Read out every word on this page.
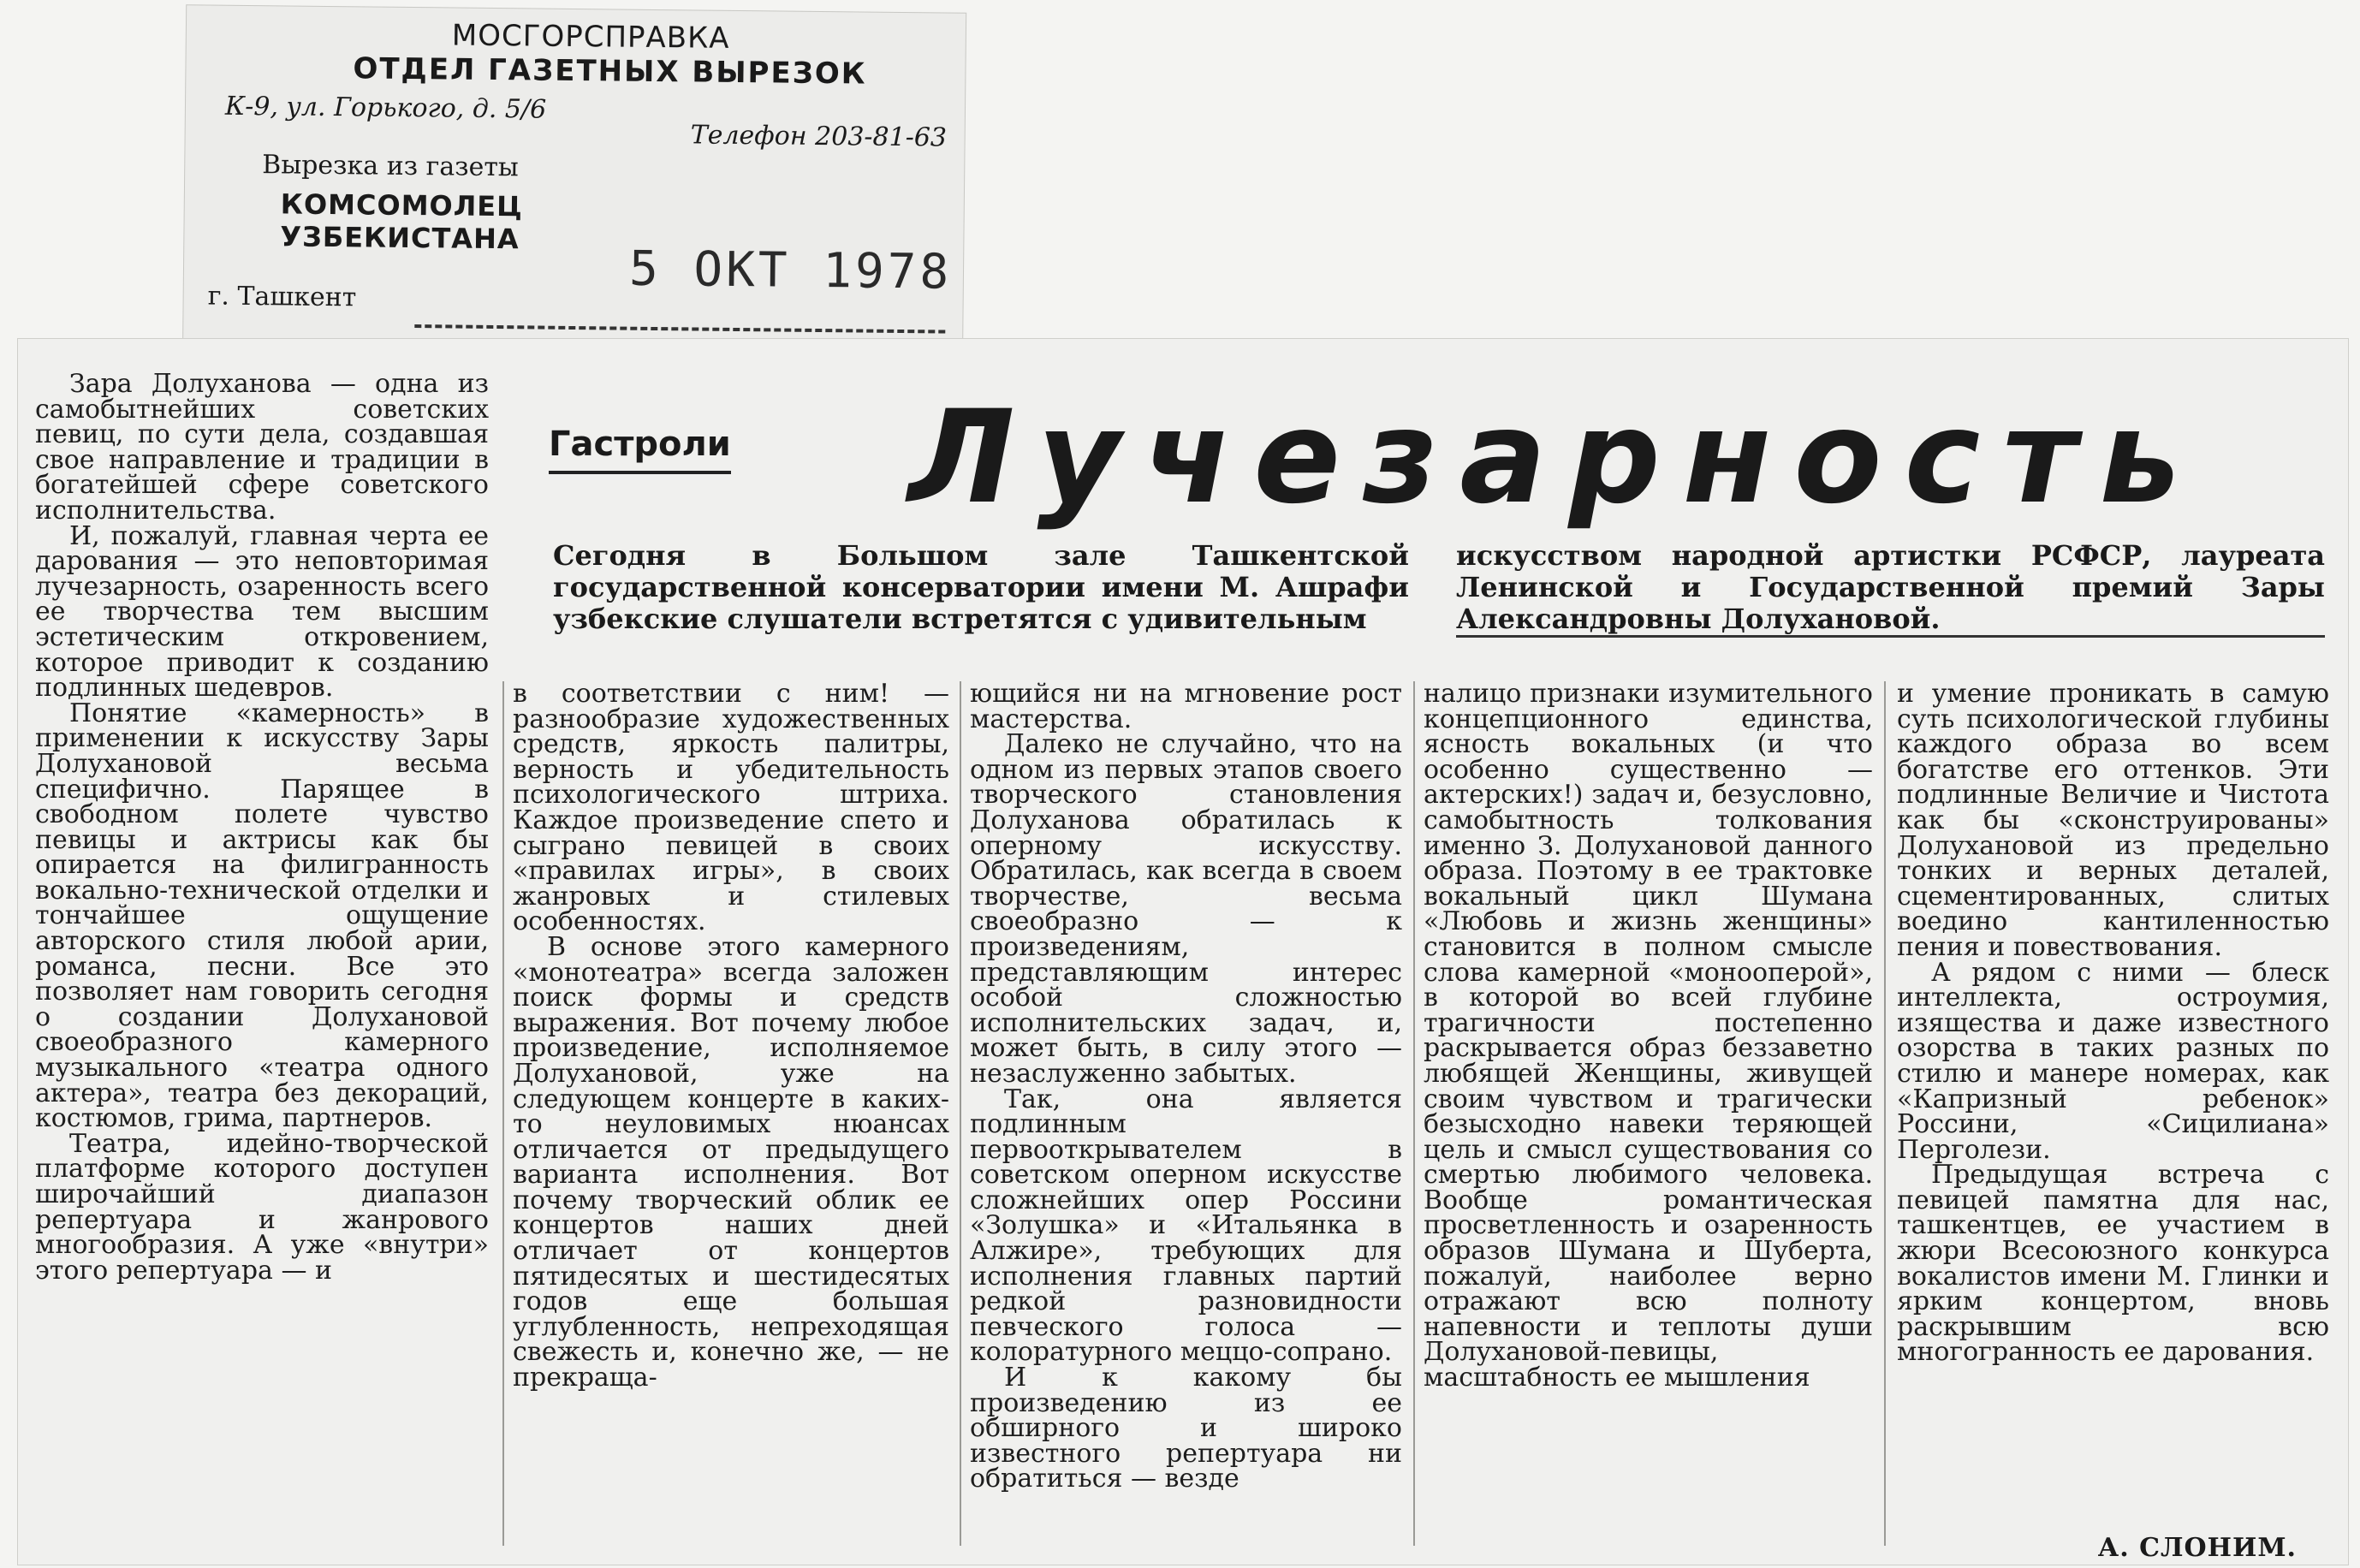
МОСГОРСПРАВКА
ОТДЕЛ ГАЗЕТНЫХ ВЫРЕЗОК
К-9, ул. Горького, д. 5/6
Телефон 203-81-63
Вырезка из газеты
КОМСОМОЛЕЦ УЗБЕКИСТАНА
5 ОКТ 1978
г. Ташкент
Гастроли Лучезарность
Сегодня в Большом зале Ташкентской государственной консерватории имени М. Ашрафи узбекские слушатели встретятся с удивительным
искусством народной артистки РСФСР, лауреата Ленинской и Государственной премий Зары Александровны Долухановой.

Зара Долуханова — одна из самобытнейших советских певиц, по сути дела, создавшая свое направление и традиции в богатейшей сфере советского исполнительства.

И, пожалуй, главная черта ее дарования — это неповторимая лучезарность, озаренность всего ее творчества тем высшим эстетическим откровением, которое приводит к созданию подлинных шедевров.

Понятие «камерность» в применении к искусству Зары Долухановой весьма специфично. Парящее в свободном полете чувство певицы и актрисы как бы опирается на филигранность вокально-технической отделки и тончайшее ощущение авторского стиля любой арии, романса, песни. Все это позволяет нам говорить сегодня о создании Долухановой своеобразного камерного музыкального «театра одного актера», театра без декораций, костюмов, грима, партнеров.

Театра, идейно-творческой платформе которого доступен широчайший диапазон репертуара и жанрового многообразия. А уже «внутри» этого репертуара — и

в соответствии с ним! — разнообразие художественных средств, яркость палитры, верность и убедительность психологического штриха. Каждое произведение спето и сыграно певицей в своих «правилах игры», в своих жанровых и стилевых особенностях.

В основе этого камерного «монотеатра» всегда заложен поиск формы и средств выражения. Вот почему любое произведение, исполняемое Долухановой, уже на следующем концерте в каких-то неуловимых нюансах отличается от предыдущего варианта исполнения. Вот почему творческий облик ее концертов наших дней отличает от концертов пятидесятых и шестидесятых годов еще большая углубленность, непреходящая свежесть и, конечно же, — не прекраща-

ющийся ни на мгновение рост мастерства.

Далеко не случайно, что на одном из первых этапов своего творческого становления Долуханова обратилась к оперному искусству. Обратилась, как всегда в своем творчестве, весьма своеобразно — к произведениям, представляющим интерес особой сложностью исполнительских задач, и, может быть, в силу этого — незаслуженно забытых.

Так, она является подлинным первооткрывателем в советском оперном искусстве сложнейших опер Россини «Золушка» и «Итальянка в Алжире», требующих для исполнения главных партий редкой разновидности певческого голоса — колоратурного меццо-сопрано.

И к какому бы произведению из ее обширного и широко известного репертуара ни обратиться — везде

налицо признаки изумительного концепционного единства, ясность вокальных (и что особенно существенно — актерских!) задач и, безусловно, самобытность толкования именно З. Долухановой данного образа. Поэтому в ее трактовке вокальный цикл Шумана «Любовь и жизнь женщины» становится в полном смысле слова камерной «монооперой», в которой во всей глубине трагичности постепенно раскрывается образ беззаветно любящей Женщины, живущей своим чувством и трагически безысходно навеки теряющей цель и смысл существования со смертью любимого человека. Вообще романтическая просветленность и озаренность образов Шумана и Шуберта, пожалуй, наиболее верно отражают всю полноту напевности и теплоты души Долухановой-певицы, масштабность ее мышления

и умение проникать в самую суть психологической глубины каждого образа во всем богатстве его оттенков. Эти подлинные Величие и Чистота как бы «сконструированы» Долухановой из предельно тонких и верных деталей, сцементированных, слитых воедино кантиленностью пения и повествования.

А рядом с ними — блеск интеллекта, остроумия, изящества и даже известного озорства в таких разных по стилю и манере номерах, как «Капризный ребенок» Россини, «Сицилиана» Перголези.

Предыдущая встреча с певицей памятна для нас, ташкентцев, ее участием в жюри Всесоюзного конкурса вокалистов имени М. Глинки и ярким концертом, вновь раскрывшим всю многогранность ее дарования.

А. СЛОНИМ.
